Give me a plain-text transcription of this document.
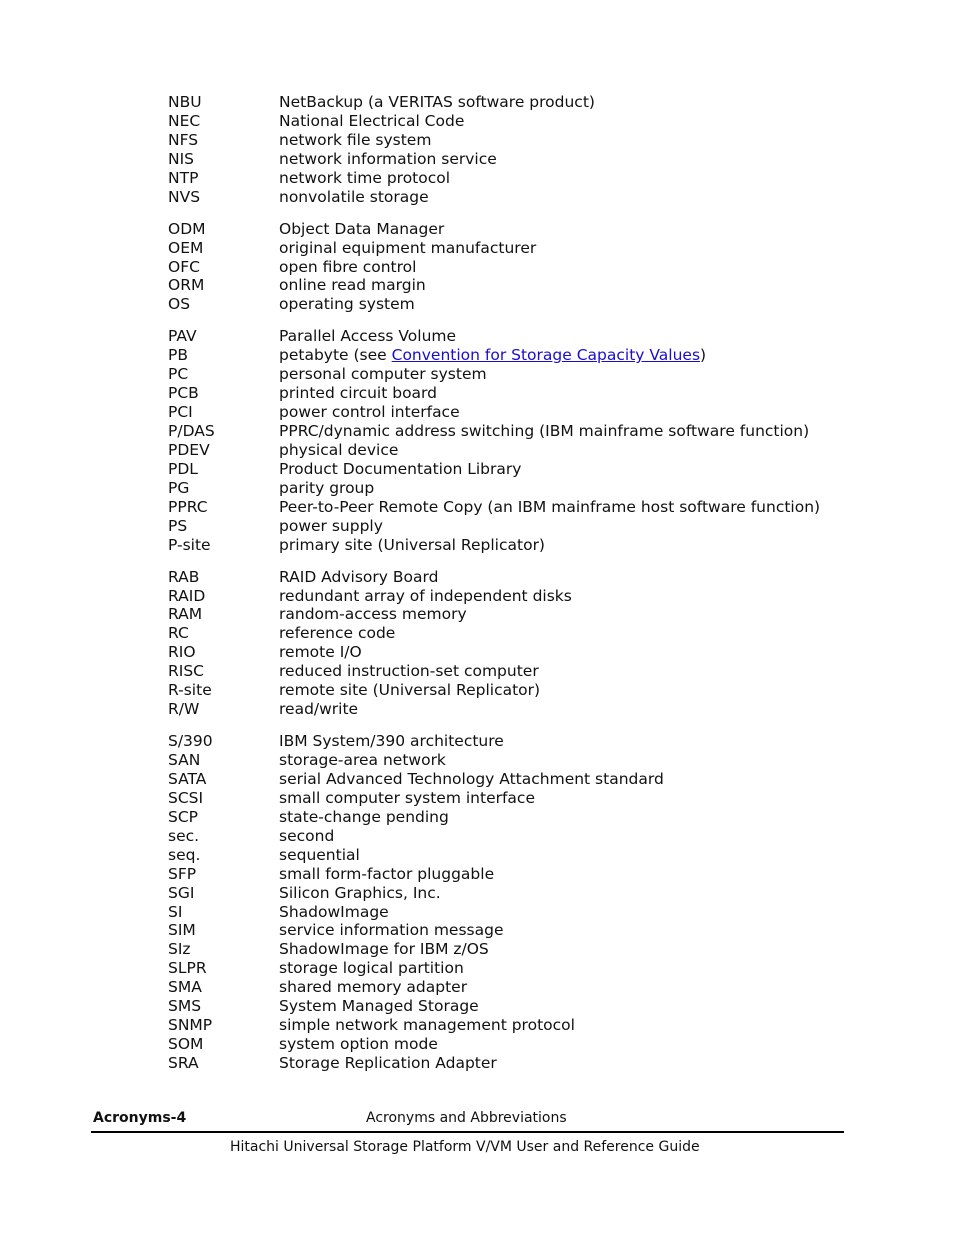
NBU	NetBackup (a VERITAS software product)
NEC	National Electrical Code
NFS	network file system
NIS	network information service
NTP	network time protocol
NVS	nonvolatile storage
ODM	Object Data Manager
OEM	original equipment manufacturer
OFC	open fibre control
ORM	online read margin
OS	operating system
PAV	Parallel Access Volume
PB	petabyte (see Convention for Storage Capacity Values)
PC	personal computer system
PCB	printed circuit board
PCI	power control interface
P/DAS	PPRC/dynamic address switching (IBM mainframe software function)
PDEV	physical device
PDL	Product Documentation Library
PG	parity group
PPRC	Peer-to-Peer Remote Copy (an IBM mainframe host software function)
PS	power supply
P-site	primary site (Universal Replicator)
RAB	RAID Advisory Board
RAID	redundant array of independent disks
RAM	random-access memory
RC	reference code
RIO	remote I/O
RISC	reduced instruction-set computer
R-site	remote site (Universal Replicator)
R/W	read/write
S/390	IBM System/390 architecture
SAN	storage-area network
SATA	serial Advanced Technology Attachment standard
SCSI	small computer system interface
SCP	state-change pending
sec.	second
seq.	sequential
SFP	small form-factor pluggable
SGI	Silicon Graphics, Inc.
SI	ShadowImage
SIM	service information message
SIz	ShadowImage for IBM z/OS
SLPR	storage logical partition
SMA	shared memory adapter
SMS	System Managed Storage
SNMP	simple network management protocol
SOM	system option mode
SRA	Storage Replication Adapter
Acronyms-4	Acronyms and Abbreviations
Hitachi Universal Storage Platform V/VM User and Reference Guide
